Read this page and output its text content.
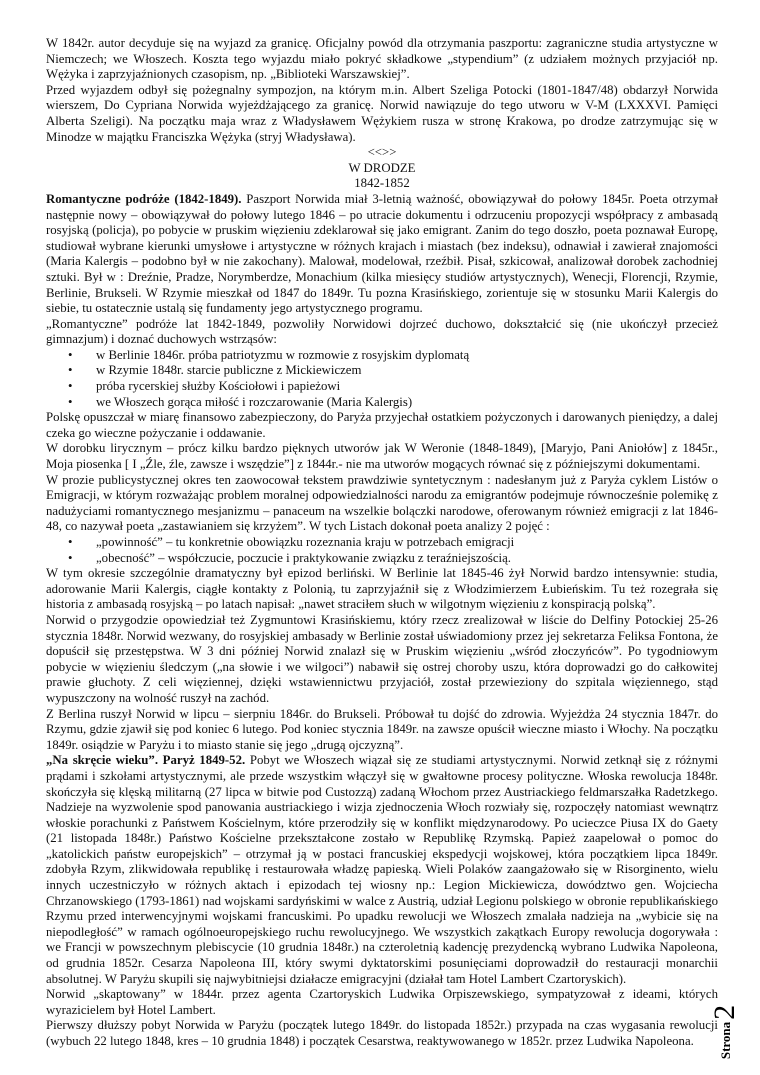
W 1842r. autor decyduje się na wyjazd za granicę. Oficjalny powód dla otrzymania paszportu: zagraniczne studia artystyczne w Niemczech; we Włoszech. Koszta tego wyjazdu miało pokryć składkowe „stypendium” (z udziałem możnych przyjaciół np. Wężyka i zaprzyjaźnionych czasopism, np. „Biblioteki Warszawskiej”.

Przed wyjazdem odbył się pożegnalny sympozjon, na którym m.in. Albert Szeliga Potocki (1801-1847/48) obdarzył Norwida wierszem, Do Cypriana Norwida wyjeżdżającego za granicę. Norwid nawiązuje do tego utworu w V-M (LXXXVI. Pamięci Alberta Szeligi). Na początku maja wraz z Władysławem Wężykiem rusza w stronę Krakowa, po drodze zatrzymując się w Minodze w majątku Franciszka Wężyka (stryj Władysława).

<<>>

W DRODZE

1842-1852

Romantyczne podróże (1842-1849). Paszport Norwida miał 3-letnią ważność, obowiązywał do połowy 1845r. Poeta otrzymał następnie nowy – obowiązywał do połowy lutego 1846 – po utracie dokumentu i odrzuceniu propozycji współpracy z ambasadą rosyjską (policja), po pobycie w pruskim więzieniu zdeklarował się jako emigrant. Zanim do tego doszło, poeta poznawał Europę, studiował wybrane kierunki umysłowe i artystyczne w różnych krajach i miastach (bez indeksu), odnawiał i zawierał znajomości (Maria Kalergis – podobno był w nie zakochany). Malował, modelował, rzeźbił. Pisał, szkicował, analizował dorobek zachodniej sztuki. Był w : Dreźnie, Pradze, Norymberdze, Monachium (kilka miesięcy studiów artystycznych), Wenecji, Florencji, Rzymie, Berlinie, Brukseli. W Rzymie mieszkał od 1847 do 1849r. Tu pozna Krasińskiego, zorientuje się w stosunku Marii Kalergis do siebie, tu ostatecznie ustalą się fundamenty jego artystycznego programu.

„Romantyczne” podróże lat 1842-1849, pozwoliły Norwidowi dojrzeć duchowo, dokształcić się (nie ukończył przecież gimnazjum) i doznać duchowych wstrząsów:

• w Berlinie 1846r. próba patriotyzmu w rozmowie z rosyjskim dyplomatą
• w Rzymie 1848r. starcie publiczne z Mickiewiczem
• próba rycerskiej służby Kościołowi i papieżowi
• we Włoszech gorąca miłość i rozczarowanie (Maria Kalergis)

Polskę opuszczał w miarę finansowo zabezpieczony, do Paryża przyjechał ostatkiem pożyczonych i darowanych pieniędzy, a dalej czeka go wieczne pożyczanie i oddawanie.

W dorobku lirycznym – prócz kilku bardzo pięknych utworów jak W Weronie (1848-1849), [Maryjo, Pani Aniołów] z 1845r., Moja piosenka [ I „Źle, źle, zawsze i wszędzie”] z 1844r.- nie ma utworów mogących równać się z późniejszymi dokumentami.

W prozie publicystycznej okres ten zaowocował tekstem prawdziwie syntetycznym : nadesłanym już z Paryża cyklem Listów o Emigracji, w którym rozważając problem moralnej odpowiedzialności narodu za emigrantów podejmuje równocześnie polemikę z nadużyciami romantycznego mesjanizmu – panaceum na wszelkie bolączki narodowe, oferowanym również emigracji z lat 1846-48, co nazywał poeta „zastawianiem się krzyżem”. W tych Listach dokonał poeta analizy 2 pojęć :

• „powinność” – tu konkretnie obowiązku rozeznania kraju w potrzebach emigracji
• „obecność” – współczucie, poczucie i praktykowanie związku z teraźniejszością.

W tym okresie szczególnie dramatyczny był epizod berliński. W Berlinie lat 1845-46 żył Norwid bardzo intensywnie: studia, adorowanie Marii Kalergis, ciągłe kontakty z Polonią, tu zaprzyjaźnił się z Włodzimierzem Łubieńskim. Tu też rozegrała się historia z ambasadą rosyjską – po latach napisał: „nawet straciłem słuch w wilgotnym więzieniu z konspiracją polską”.

Norwid o przygodzie opowiedział też Zygmuntowi Krasińskiemu, który rzecz zrealizował w liście do Delfiny Potockiej 25-26 stycznia 1848r. Norwid wezwany, do rosyjskiej ambasady w Berlinie został uświadomiony przez jej sekretarza Feliksa Fontona, że dopuścił się przestępstwa. W 3 dni później Norwid znalazł się w Pruskim więzieniu „wśród złoczyńców”. Po tygodniowym pobycie w więzieniu śledczym („na słowie i we wilgoci”) nabawił się ostrej choroby uszu, która doprowadzi go do całkowitej prawie głuchoty. Z celi więziennej, dzięki wstawiennictwu przyjaciół, został przewieziony do szpitala więziennego, stąd wypuszczony na wolność ruszył na zachód.

Z Berlina ruszył Norwid w lipcu – sierpniu 1846r. do Brukseli. Próbował tu dojść do zdrowia. Wyjeżdża 24 stycznia 1847r. do Rzymu, gdzie zjawił się pod koniec 6 lutego. Pod koniec stycznia 1849r. na zawsze opuścił wieczne miasto i Włochy. Na początku 1849r. osiądzie w Paryżu i to miasto stanie się jego „drugą ojczyzną”.

„Na skręcie wieku”. Paryż 1849-52. Pobyt we Włoszech wiązał się ze studiami artystycznymi. Norwid zetknął się z różnymi prądami i szkołami artystycznymi, ale przede wszystkim włączył się w gwałtowne procesy polityczne. Włoska rewolucja 1848r. skończyła się klęską militarną (27 lipca w bitwie pod Custozzą) zadaną Włochom przez Austriackiego feldmarszałka Radetzkego. Nadzieje na wyzwolenie spod panowania austriackiego i wizja zjednoczenia Włoch rozwiały się, rozpoczęły natomiast wewnątrz włoskie porachunki z Państwem Kościelnym, które przerodziły się w konflikt międzynarodowy. Po ucieczce Piusa IX do Gaety (21 listopada 1848r.) Państwo Kościelne przekształcone zostało w Republikę Rzymską. Papież zaapelował o pomoc do „katolickich państw europejskich” – otrzymał ją w postaci francuskiej ekspedycji wojskowej, która początkiem lipca 1849r. zdobyła Rzym, zlikwidowała republikę i restaurowała władzę papieską. Wieli Polaków zaangażowało się w Risorginento, wielu innych uczestniczyło w różnych aktach i epizodach tej wiosny np.: Legion Mickiewicza, dowództwo gen. Wojciecha Chrzanowskiego (1793-1861) nad wojskami sardyńskimi w walce z Austrią, udział Legionu polskiego w obronie republikańskiego Rzymu przed interwencyjnymi wojskami francuskimi. Po upadku rewolucji we Włoszech zmalała nadzieja na „wybicie się na niepodległość” w ramach ogólnoeuropejskiego ruchu rewolucyjnego. We wszystkich zakątkach Europy rewolucja dogorywała : we Francji w powszechnym plebiscycie (10 grudnia 1848r.) na czteroletnią kadencję prezydencką wybrano Ludwika Napoleona, od grudnia 1852r. Cesarza Napoleona III, który swymi dyktatorskimi posunięciami doprowadził do restauracji monarchii absolutnej. W Paryżu skupili się najwybitniejsi działacze emigracyjni (działał tam Hotel Lambert Czartoryskich).

Norwid „skaptowany” w 1844r. przez agenta Czartoryskich Ludwika Orpiszewskiego, sympatyzował z ideami, których wyrazicielem był Hotel Lambert.

Pierwszy dłuższy pobyt Norwida w Paryżu (początek lutego 1849r. do listopada 1852r.) przypada na czas wygasania rewolucji (wybuch 22 lutego 1848, kres – 10 grudnia 1848) i początek Cesarstwa, reaktywowanego w 1852r. przez Ludwika Napoleona.	Strona2
